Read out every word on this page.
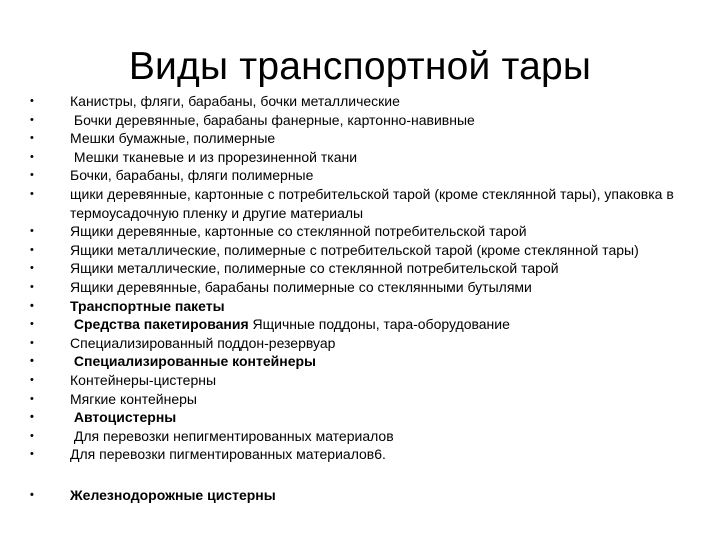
Виды транспортной тары
•	Канистры, фляги, барабаны, бочки металлические
•	Бочки деревянные, барабаны фанерные, картонно-навивные
•	Мешки бумажные, полимерные
•	Мешки тканевые и из прорезиненной ткани
•	Бочки, барабаны, фляги полимерные
•	щики деревянные, картонные с потребительской тарой (кроме стеклянной тары), упаковка в термоусадочную пленку и другие материалы
•	Ящики деревянные, картонные со стеклянной потребительской тарой
•	Ящики металлические, полимерные с потребительской тарой (кроме стеклянной тары)
•	Ящики металлические, полимерные со стеклянной потребительской тарой
•	Ящики деревянные, барабаны полимерные со стеклянными бутылями
•	Транспортные пакеты
•	Средства пакетирования Ящичные поддоны, тара-оборудование
•	Специализированный поддон-резервуар
•	Специализированные контейнеры
•	Контейнеры-цистерны
•	Мягкие контейнеры
•	Автоцистерны
•	Для перевозки непигментированных материалов
•	Для перевозки пигментированных материалов6.
•	Железнодорожные цистерны
